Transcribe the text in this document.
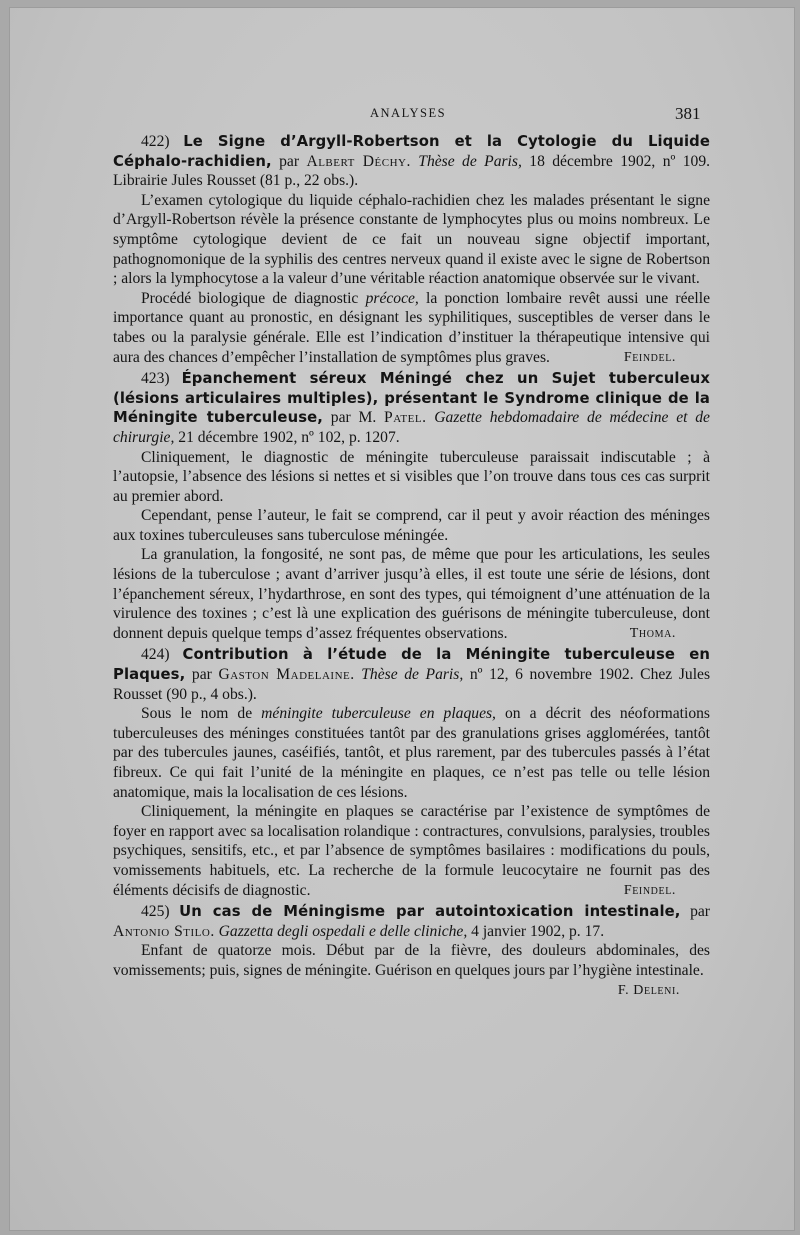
ANALYSES	381

422) Le Signe d’Argyll-Robertson et la Cytologie du Liquide Céphalo-rachidien, par Albert Déchy. Thèse de Paris, 18 décembre 1902, nº 109. Librairie Jules Rousset (81 p., 22 obs.).

L’examen cytologique du liquide céphalo-rachidien chez les malades présentant le signe d’Argyll-Robertson révèle la présence constante de lymphocytes plus ou moins nombreux. Le symptôme cytologique devient de ce fait un nouveau signe objectif important, pathognomonique de la syphilis des centres nerveux quand il existe avec le signe de Robertson ; alors la lymphocytose a la valeur d’une véritable réaction anatomique observée sur le vivant.

Procédé biologique de diagnostic précoce, la ponction lombaire revêt aussi une réelle importance quant au pronostic, en désignant les syphilitiques, susceptibles de verser dans le tabes ou la paralysie générale. Elle est l’indication d’instituer la thérapeutique intensive qui aura des chances d’empêcher l’installation de symptômes plus graves.	Feindel.

423) Épanchement séreux Méningé chez un Sujet tuberculeux (lésions articulaires multiples), présentant le Syndrome clinique de la Méningite tuberculeuse, par M. Patel. Gazette hebdomadaire de médecine et de chirurgie, 21 décembre 1902, nº 102, p. 1207.

Cliniquement, le diagnostic de méningite tuberculeuse paraissait indiscutable ; à l’autopsie, l’absence des lésions si nettes et si visibles que l’on trouve dans tous ces cas surprit au premier abord.

Cependant, pense l’auteur, le fait se comprend, car il peut y avoir réaction des méninges aux toxines tuberculeuses sans tuberculose méningée.

La granulation, la fongosité, ne sont pas, de même que pour les articulations, les seules lésions de la tuberculose ; avant d’arriver jusqu’à elles, il est toute une série de lésions, dont l’épanchement séreux, l’hydarthrose, en sont des types, qui témoignent d’une atténuation de la virulence des toxines ; c’est là une explication des guérisons de méningite tuberculeuse, dont donnent depuis quelque temps d’assez fréquentes observations.	Thoma.

424) Contribution à l’étude de la Méningite tuberculeuse en Plaques, par Gaston Madelaine. Thèse de Paris, nº 12, 6 novembre 1902. Chez Jules Rousset (90 p., 4 obs.).

Sous le nom de méningite tuberculeuse en plaques, on a décrit des néoformations tuberculeuses des méninges constituées tantôt par des granulations grises agglomérées, tantôt par des tubercules jaunes, caséifiés, tantôt, et plus rarement, par des tubercules passés à l’état fibreux. Ce qui fait l’unité de la méningite en plaques, ce n’est pas telle ou telle lésion anatomique, mais la localisation de ces lésions.

Cliniquement, la méningite en plaques se caractérise par l’existence de symptômes de foyer en rapport avec sa localisation rolandique : contractures, convulsions, paralysies, troubles psychiques, sensitifs, etc., et par l’absence de symptômes basilaires : modifications du pouls, vomissements habituels, etc. La recherche de la formule leucocytaire ne fournit pas des éléments décisifs de diagnostic.	Feindel.

425) Un cas de Méningisme par autointoxication intestinale, par Antonio Stilo. Gazzetta degli ospedali e delle cliniche, 4 janvier 1902, p. 17.

Enfant de quatorze mois. Début par de la fièvre, des douleurs abdominales, des vomissements; puis, signes de méningite. Guérison en quelques jours par l’hygiène intestinale.
F. Deleni.
